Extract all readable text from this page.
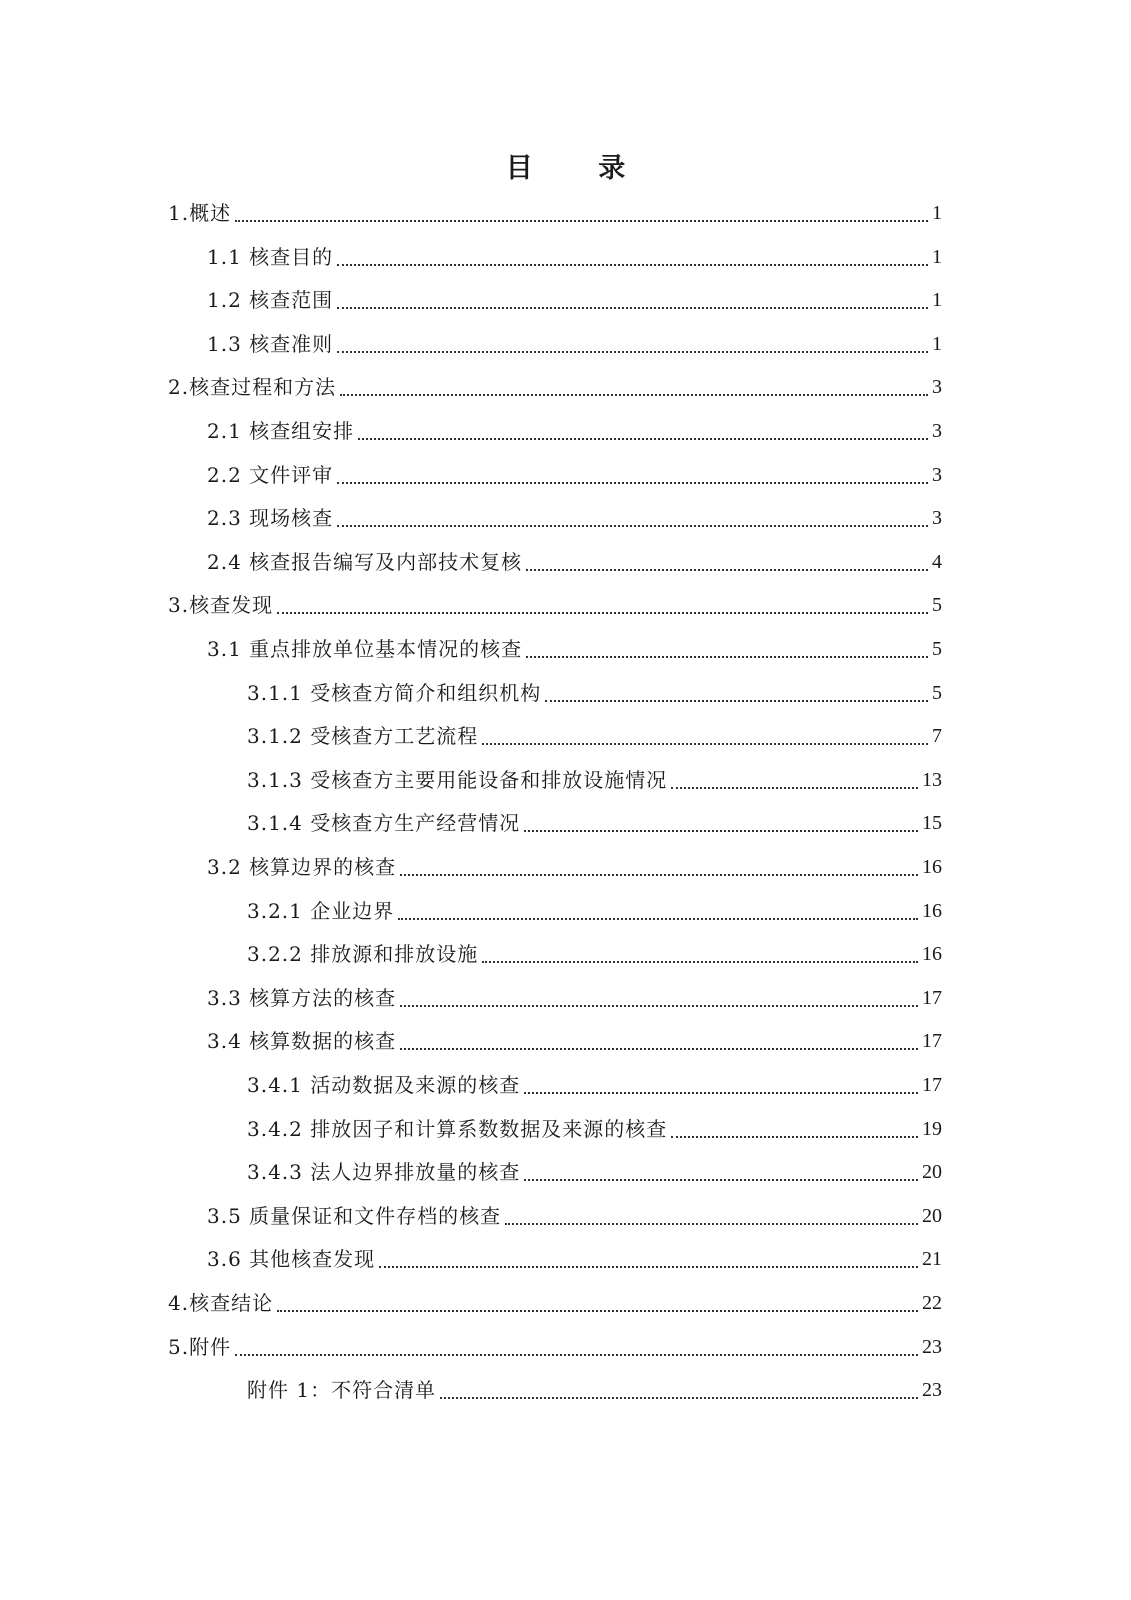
目 录
1.概述	1
1.1 核查目的	1
1.2 核查范围	1
1.3 核查准则	1
2.核查过程和方法	3
2.1 核查组安排	3
2.2 文件评审	3
2.3 现场核查	3
2.4 核查报告编写及内部技术复核	4
3.核查发现	5
3.1 重点排放单位基本情况的核查	5
3.1.1 受核查方简介和组织机构	5
3.1.2 受核查方工艺流程	7
3.1.3 受核查方主要用能设备和排放设施情况	13
3.1.4 受核查方生产经营情况	15
3.2 核算边界的核查	16
3.2.1 企业边界	16
3.2.2 排放源和排放设施	16
3.3 核算方法的核查	17
3.4 核算数据的核查	17
3.4.1 活动数据及来源的核查	17
3.4.2 排放因子和计算系数数据及来源的核查	19
3.4.3 法人边界排放量的核查	20
3.5 质量保证和文件存档的核查	20
3.6 其他核查发现	21
4.核查结论	22
5.附件	23
附件 1：不符合清单	23
